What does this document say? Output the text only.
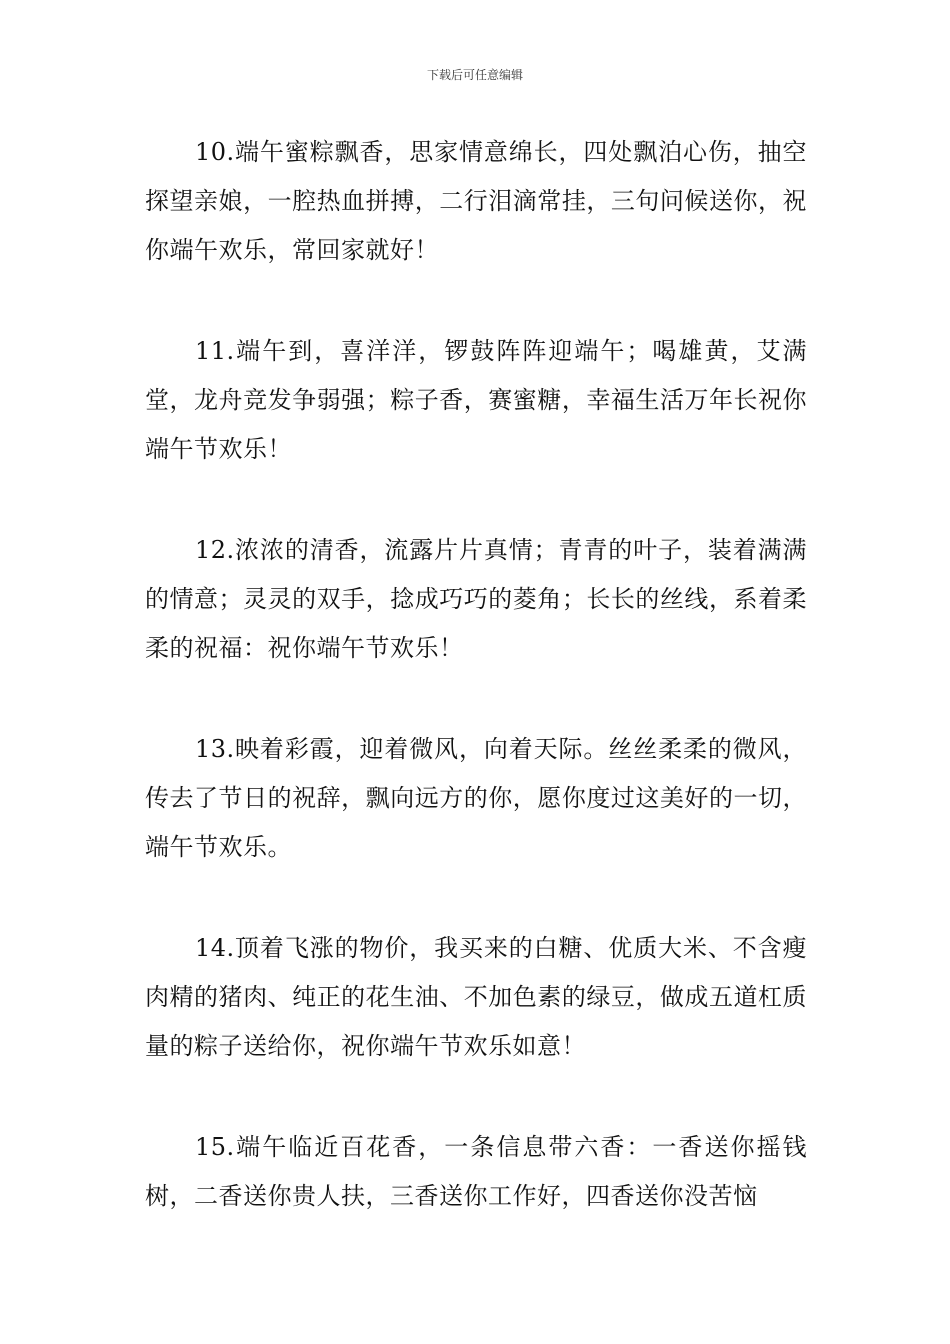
下载后可任意编辑

10.端午蜜粽飘香，思家情意绵长，四处飘泊心伤，抽空探望亲娘，一腔热血拼搏，二行泪滴常挂，三句问候送你，祝你端午欢乐，常回家就好！

11.端午到，喜洋洋，锣鼓阵阵迎端午；喝雄黄，艾满堂，龙舟竞发争弱强；粽子香，赛蜜糖，幸福生活万年长祝你端午节欢乐！

12.浓浓的清香，流露片片真情；青青的叶子，装着满满的情意；灵灵的双手，捻成巧巧的菱角；长长的丝线，系着柔柔的祝福：祝你端午节欢乐！

13.映着彩霞，迎着微风，向着天际。丝丝柔柔的微风，传去了节日的祝辞，飘向远方的你，愿你度过这美好的一切，端午节欢乐。

14.顶着飞涨的物价，我买来的白糖、优质大米、不含瘦肉精的猪肉、纯正的花生油、不加色素的绿豆，做成五道杠质量的粽子送给你，祝你端午节欢乐如意！

15.端午临近百花香，一条信息带六香：一香送你摇钱树，二香送你贵人扶，三香送你工作好，四香送你没苦恼
